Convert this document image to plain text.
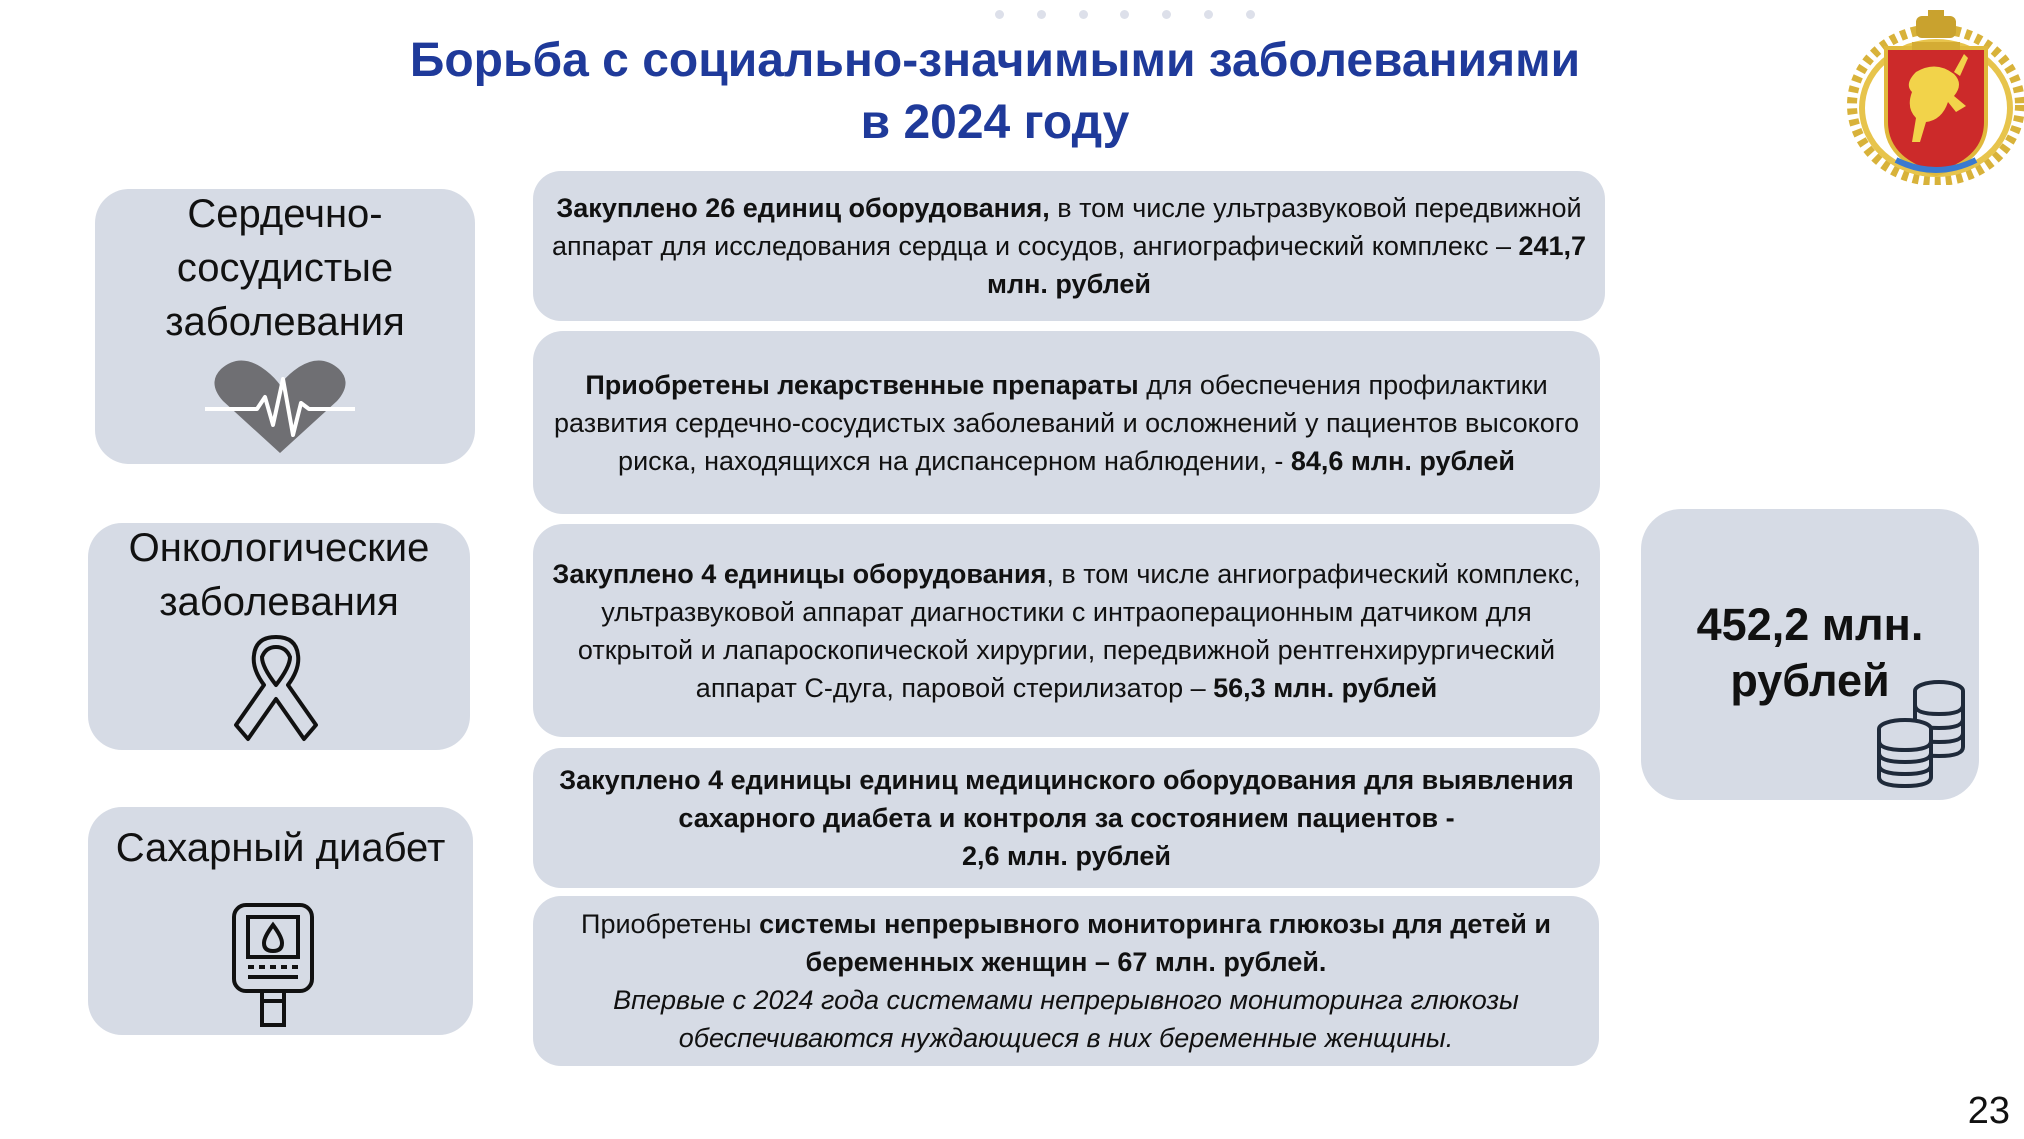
Борьба с социально-значимыми заболеваниями
в 2024 году
Сердечно-
сосудистые
заболевания
Онкологические
заболевания
Сахарный диабет
Закуплено 26 единиц оборудования, в том числе ультразвуковой передвижной аппарат для исследования сердца и сосудов, ангиографический комплекс – 241,7 млн. рублей
Приобретены лекарственные препараты для обеспечения профилактики развития сердечно-сосудистых заболеваний и осложнений у пациентов высокого риска, находящихся на диспансерном наблюдении, - 84,6 млн. рублей
Закуплено 4 единицы оборудования, в том числе ангиографический комплекс, ультразвуковой аппарат диагностики с интраоперационным датчиком для открытой и лапароскопической хирургии, передвижной рентгенхирургический аппарат С-дуга, паровой стерилизатор – 56,3 млн. рублей
Закуплено 4 единицы единиц медицинского оборудования для выявления сахарного диабета и контроля за состоянием пациентов -
2,6 млн. рублей
Приобретены системы непрерывного мониторинга глюкозы для детей и беременных женщин – 67 млн. рублей.
Впервые с 2024 года системами непрерывного мониторинга глюкозы обеспечиваются нуждающиеся в них беременные женщины.
452,2 млн.
рублей
23
